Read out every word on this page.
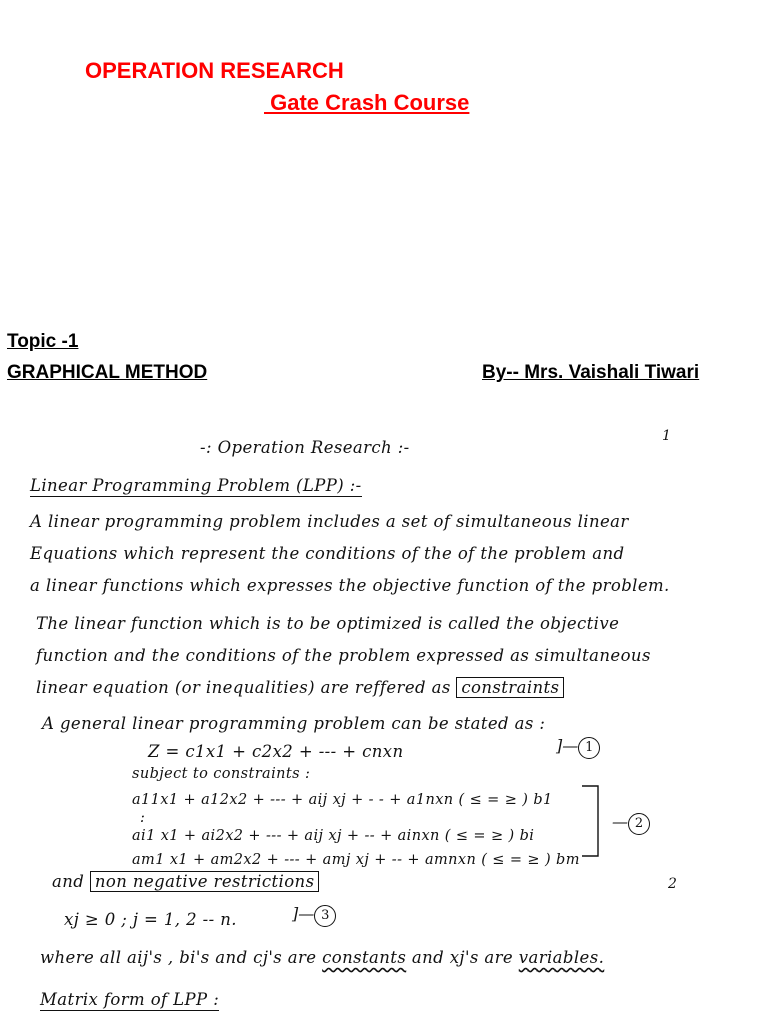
OPERATION RESEARCH
Gate Crash Course
Topic -1
GRAPHICAL METHOD	By-- Mrs. Vaishali Tiwari
-: Operation Research :-
1
Linear Programming Problem (LPP) :-
A linear programming problem includes a set of simultaneous linear
Equations which represent the conditions of the of the problem and
a linear functions which expresses the objective function of the problem.
The linear function which is to be optimized is called the objective
function and the conditions of the problem expressed as simultaneous
linear equation (or inequalities) are reffered as constraints
A general linear programming problem can be stated as :
Z = c1x1 + c2x2 + --- + cnxn	]— 1
subject to constraints :
a11x1 + a12x2 + --- + aij xj + - - + a1nxn ( ≤ = ≥ ) b1
:
ai1 x1 + ai2x2 + --- + aij xj + -- + ainxn ( ≤ = ≥ ) bi
am1 x1 + am2x2 + --- + amj xj + -- + amnxn ( ≤ = ≥ ) bm
— 2
and non negative restrictions	2
xj ≥ 0 ; j = 1, 2 -- n.	]— 3
where all aij's , bi's and cj's are constants and xj's are variables.
Matrix form of LPP :
